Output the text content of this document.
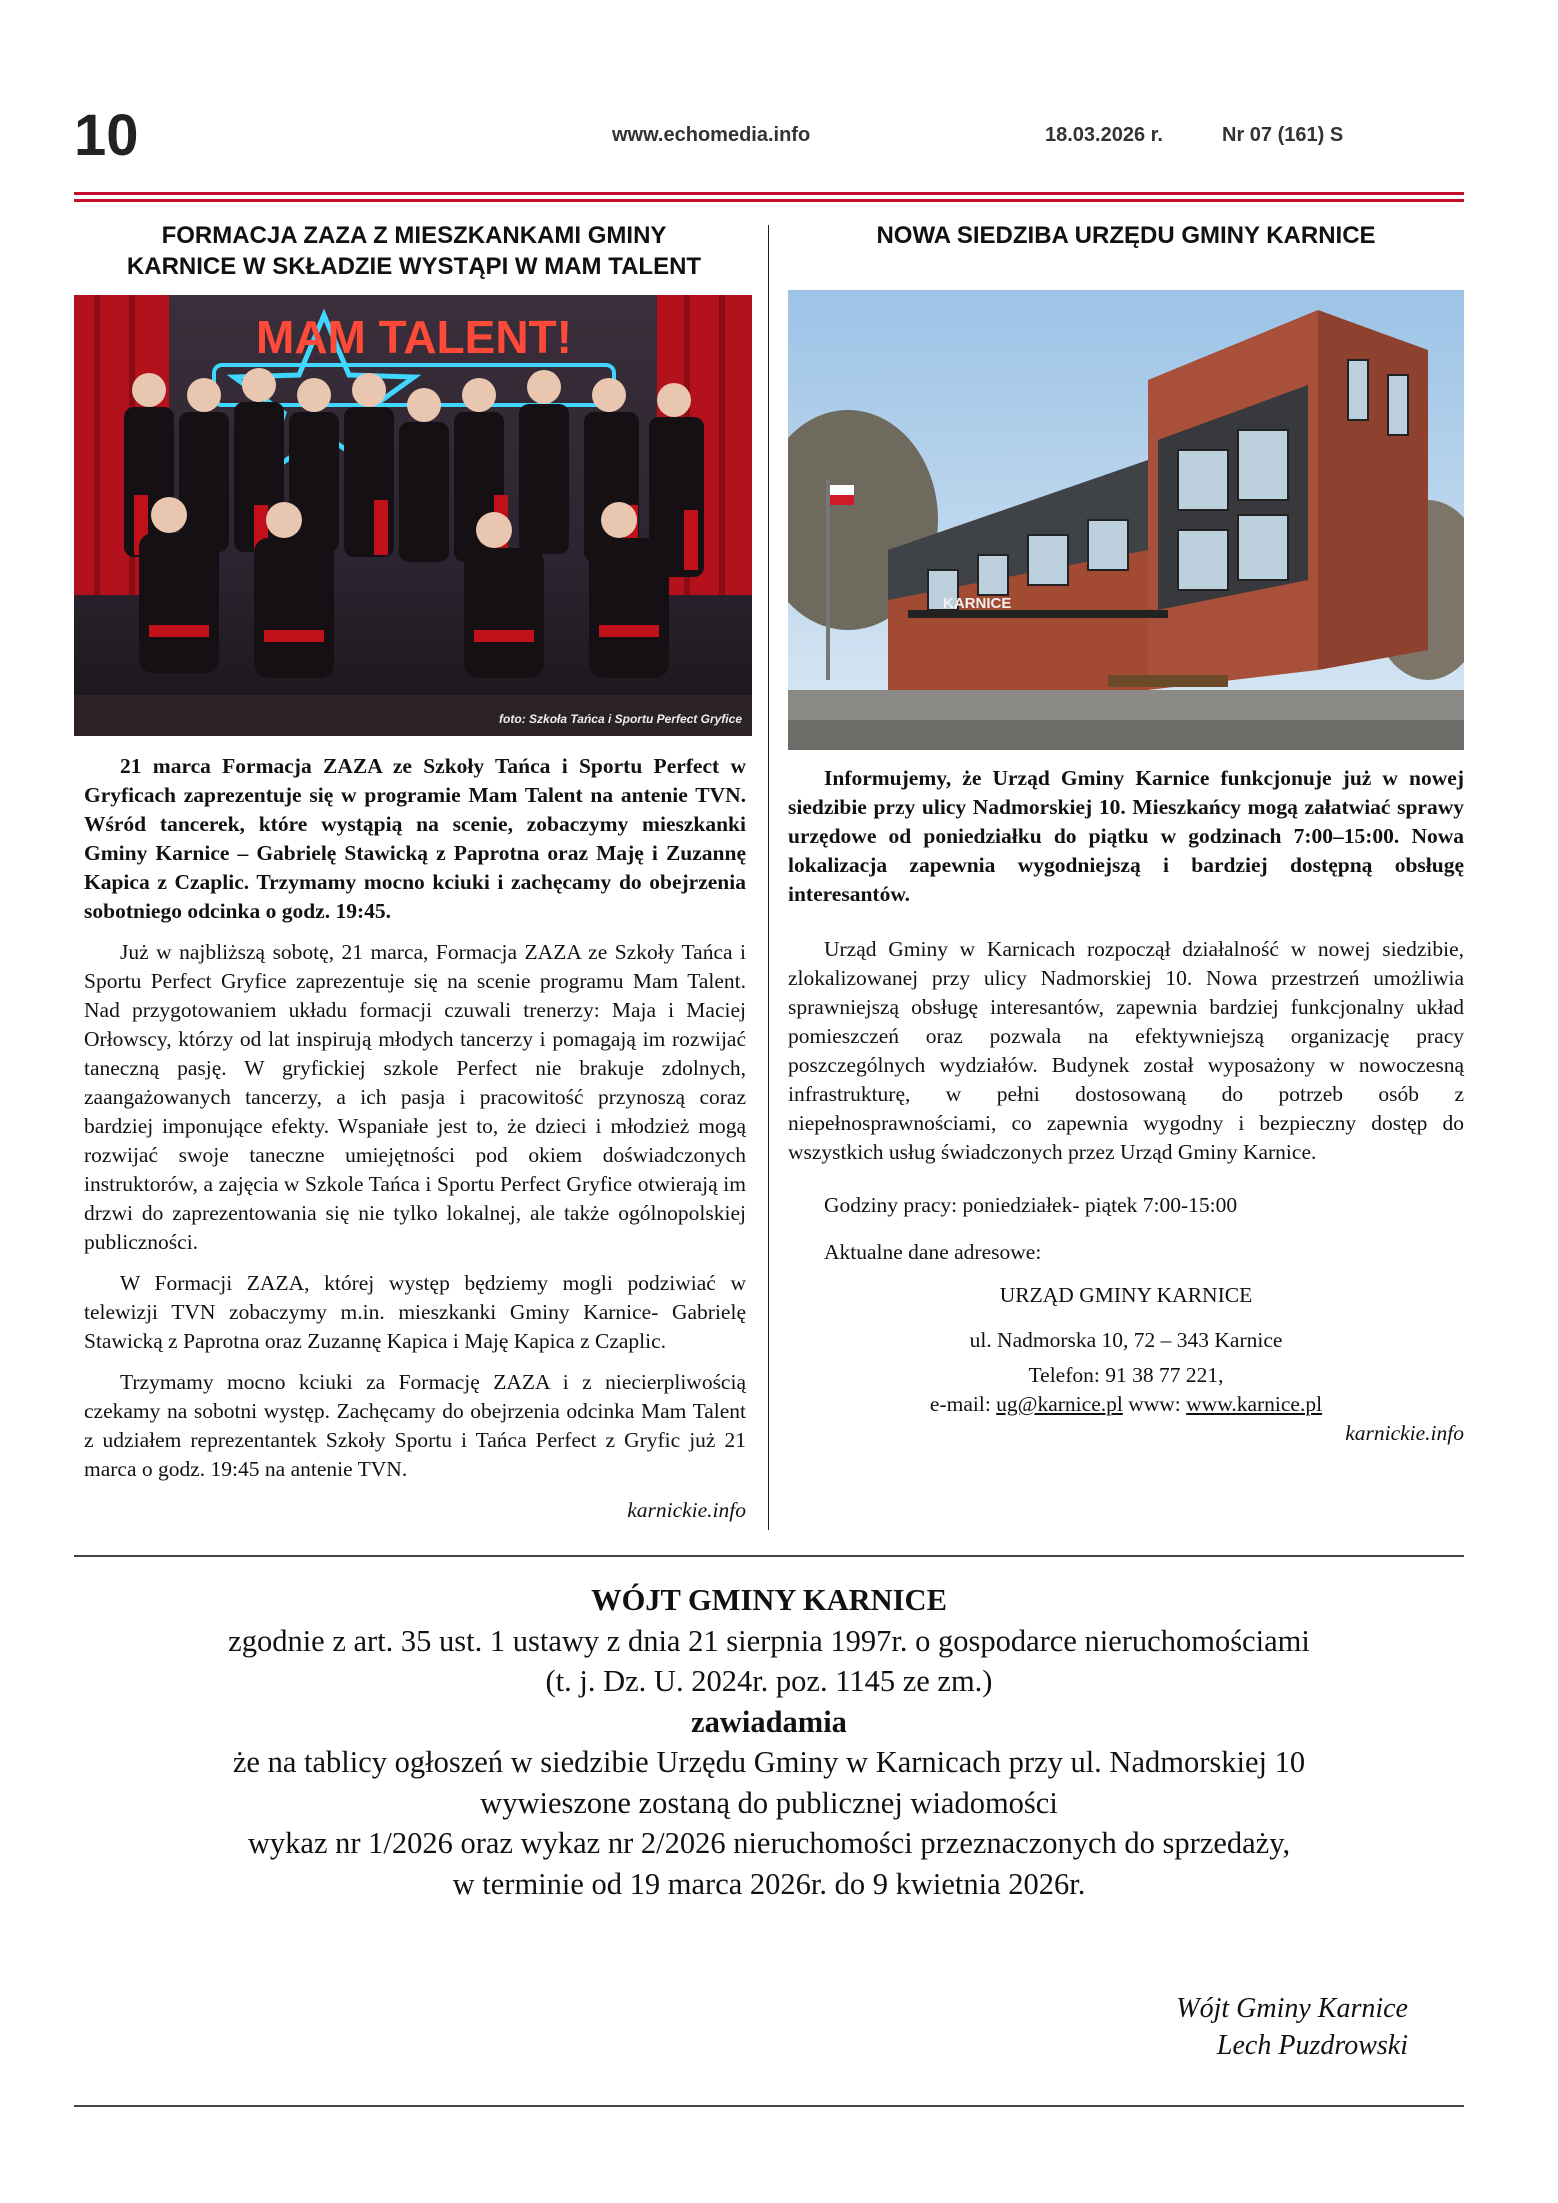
10	www.echomedia.info	18.03.2026 r.	Nr 07 (161) S
FORMACJA ZAZA Z MIESZKANKAMI GMINY
KARNICE W SKŁADZIE WYSTĄPI W MAM TALENT
MAM TALENT!
foto: Szkoła Tańca i Sportu Perfect Gryfice

21 marca Formacja ZAZA ze Szkoły Tańca i Sportu Perfect w Gryficach zaprezentuje się w programie Mam Talent na antenie TVN. Wśród tancerek, które wystąpią na scenie, zobaczymy mieszkanki Gminy Karnice – Gabrielę Stawicką z Paprotna oraz Maję i Zuzannę Kapica z Czaplic. Trzymamy mocno kciuki i zachęcamy do obejrzenia sobotniego odcinka o godz. 19:45.

Już w najbliższą sobotę, 21 marca, Formacja ZAZA ze Szkoły Tańca i Sportu Perfect Gryfice zaprezentuje się na scenie programu Mam Talent. Nad przygotowaniem układu formacji czuwali trenerzy: Maja i Maciej Orłowscy, którzy od lat inspirują młodych tancerzy i pomagają im rozwijać taneczną pasję. W gryfickiej szkole Perfect nie brakuje zdolnych, zaangażowanych tancerzy, a ich pasja i pracowitość przynoszą coraz bardziej imponujące efekty. Wspaniałe jest to, że dzieci i młodzież mogą rozwijać swoje taneczne umiejętności pod okiem doświadczonych instruktorów, a zajęcia w Szkole Tańca i Sportu Perfect Gryfice otwierają im drzwi do zaprezentowania się nie tylko lokalnej, ale także ogólnopolskiej publiczności.

W Formacji ZAZA, której występ będziemy mogli podziwiać w telewizji TVN zobaczymy m.in. mieszkanki Gminy Karnice- Gabrielę Stawicką z Paprotna oraz Zuzannę Kapica i Maję Kapica z Czaplic.

Trzymamy mocno kciuki za Formację ZAZA i z niecierpliwością czekamy na sobotni występ. Zachęcamy do obejrzenia odcinka Mam Talent z udziałem reprezentantek Szkoły Sportu i Tańca Perfect z Gryfic już 21 marca o godz. 19:45 na antenie TVN.

karnickie.info

NOWA SIEDZIBA URZĘDU GMINY KARNICE
KARNICE

Informujemy, że Urząd Gminy Karnice funkcjonuje już w nowej siedzibie przy ulicy Nadmorskiej 10. Mieszkańcy mogą załatwiać sprawy urzędowe od poniedziałku do piątku w godzinach 7:00–15:00. Nowa lokalizacja zapewnia wygodniejszą i bardziej dostępną obsługę interesantów.

Urząd Gminy w Karnicach rozpoczął działalność w nowej siedzibie, zlokalizowanej przy ulicy Nadmorskiej 10. Nowa przestrzeń umożliwia sprawniejszą obsługę interesantów, zapewnia bardziej funkcjonalny układ pomieszczeń oraz pozwala na efektywniejszą organizację pracy poszczególnych wydziałów. Budynek został wyposażony w nowoczesną infrastrukturę, w pełni dostosowaną do potrzeb osób z niepełnosprawnościami, co zapewnia wygodny i bezpieczny dostęp do wszystkich usług świadczonych przez Urząd Gminy Karnice.

Godziny pracy: poniedziałek- piątek 7:00-15:00

Aktualne dane adresowe:

URZĄD GMINY KARNICE

ul. Nadmorska 10, 72 – 343 Karnice

Telefon: 91 38 77 221,

e-mail: ug@karnice.pl www: www.karnice.pl

karnickie.info

WÓJT GMINY KARNICE
zgodnie z art. 35 ust. 1 ustawy z dnia 21 sierpnia 1997r. o gospodarce nieruchomościami
(t. j. Dz. U. 2024r. poz. 1145 ze zm.)
zawiadamia
że na tablicy ogłoszeń w siedzibie Urzędu Gminy w Karnicach przy ul. Nadmorskiej 10
wywieszone zostaną do publicznej wiadomości
wykaz nr 1/2026 oraz wykaz nr 2/2026 nieruchomości przeznaczonych do sprzedaży,
w terminie od 19 marca 2026r. do 9 kwietnia 2026r.
Wójt Gminy Karnice
Lech Puzdrowski
